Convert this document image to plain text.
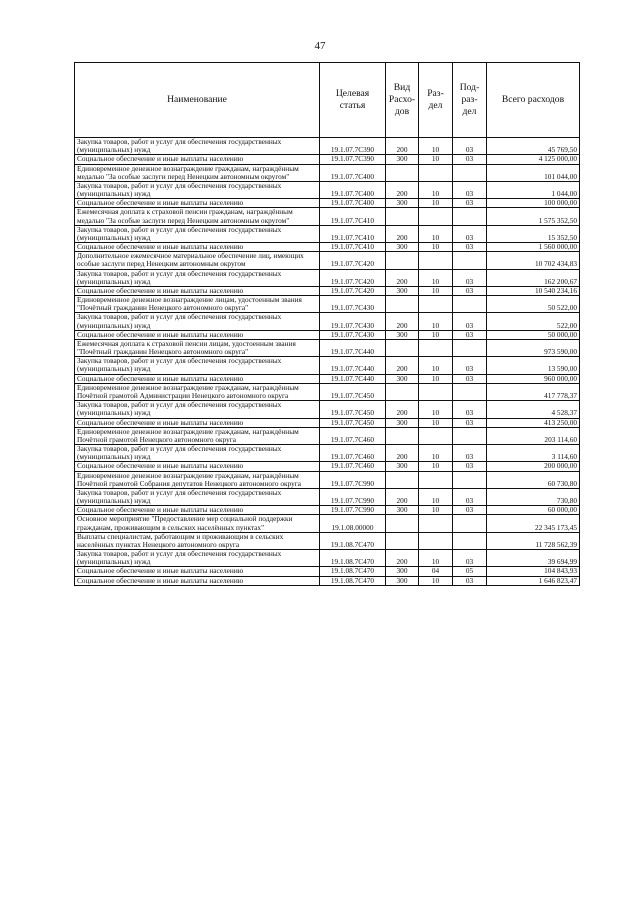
47
Наименование	Целевая статья	Вид Расхо-дов	Раз-дел	Под-раз-дел	Всего расходов
Закупка товаров, работ и услуг для обеспечения государственных (муниципальных) нужд	19.1.07.7С390	200	10	03	45 769,50
Социальное обеспечение и иные выплаты населению	19.1.07.7С390	300	10	03	4 125 000,00
Единовременное денежное вознаграждение гражданам, награждённым медалью "За особые заслуги перед Ненецким автономным округом"	19.1.07.7С400				101 044,00
Закупка товаров, работ и услуг для обеспечения государственных (муниципальных) нужд	19.1.07.7С400	200	10	03	1 044,00
Социальное обеспечение и иные выплаты населению	19.1.07.7С400	300	10	03	100 000,00
Ежемесячная доплата к страховой пенсии гражданам, награждённым медалью "За особые заслуги перед Ненецким автономным округом"	19.1.07.7С410				1 575 352,50
Закупка товаров, работ и услуг для обеспечения государственных (муниципальных) нужд	19.1.07.7С410	200	10	03	15 352,50
Социальное обеспечение и иные выплаты населению	19.1.07.7С410	300	10	03	1 560 000,00
Дополнительное ежемесячное материальное обеспечение лиц, имеющих особые заслуги перед Ненецким автономным округом	19.1.07.7С420				10 702 434,83
Закупка товаров, работ и услуг для обеспечения государственных (муниципальных) нужд	19.1.07.7С420	200	10	03	162 200,67
Социальное обеспечение и иные выплаты населению	19.1.07.7С420	300	10	03	10 540 234,16
Единовременное денежное вознаграждение лицам, удостоенным звания "Почётный гражданин Ненецкого автономного округа"	19.1.07.7С430				50 522,00
Закупка товаров, работ и услуг для обеспечения государственных (муниципальных) нужд	19.1.07.7С430	200	10	03	522,00
Социальное обеспечение и иные выплаты населению	19.1.07.7С430	300	10	03	50 000,00
Ежемесячная доплата к страховой пенсии лицам, удостоенным звания "Почётный гражданин Ненецкого автономного округа"	19.1.07.7С440				973 590,00
Закупка товаров, работ и услуг для обеспечения государственных (муниципальных) нужд	19.1.07.7С440	200	10	03	13 590,00
Социальное обеспечение и иные выплаты населению	19.1.07.7С440	300	10	03	960 000,00
Единовременное денежное вознаграждение гражданам, награждённым Почётной грамотой Администрации Ненецкого автономного округа	19.1.07.7С450				417 778,37
Закупка товаров, работ и услуг для обеспечения государственных (муниципальных) нужд	19.1.07.7С450	200	10	03	4 528,37
Социальное обеспечение и иные выплаты населению	19.1.07.7С450	300	10	03	413 250,00
Единовременное денежное вознаграждение гражданам, награждённым Почётной грамотой Ненецкого автономного округа	19.1.07.7С460				203 114,60
Закупка товаров, работ и услуг для обеспечения государственных (муниципальных) нужд	19.1.07.7С460	200	10	03	3 114,60
Социальное обеспечение и иные выплаты населению	19.1.07.7С460	300	10	03	200 000,00
Единовременное денежное вознаграждение гражданам, награждённым Почётной грамотой Собрания депутатов Ненецкого автономного округа	19.1.07.7С990				60 730,80
Закупка товаров, работ и услуг для обеспечения государственных (муниципальных) нужд	19.1.07.7С990	200	10	03	730,80
Социальное обеспечение и иные выплаты населению	19.1.07.7С990	300	10	03	60 000,00
Основное мероприятие "Предоставление мер социальной поддержки гражданам, проживающим в сельских населённых пунктах"	19.1.08.00000				22 345 173,45
Выплаты специалистам, работающим и проживающим в сельских населённых пунктах Ненецкого автономного округа	19.1.08.7С470				11 728 562,39
Закупка товаров, работ и услуг для обеспечения государственных (муниципальных) нужд	19.1.08.7С470	200	10	03	39 694,99
Социальное обеспечение и иные выплаты населению	19.1.08.7С470	300	04	05	104 843,93
Социальное обеспечение и иные выплаты населению	19.1.08.7С470	300	10	03	1 646 823,47
